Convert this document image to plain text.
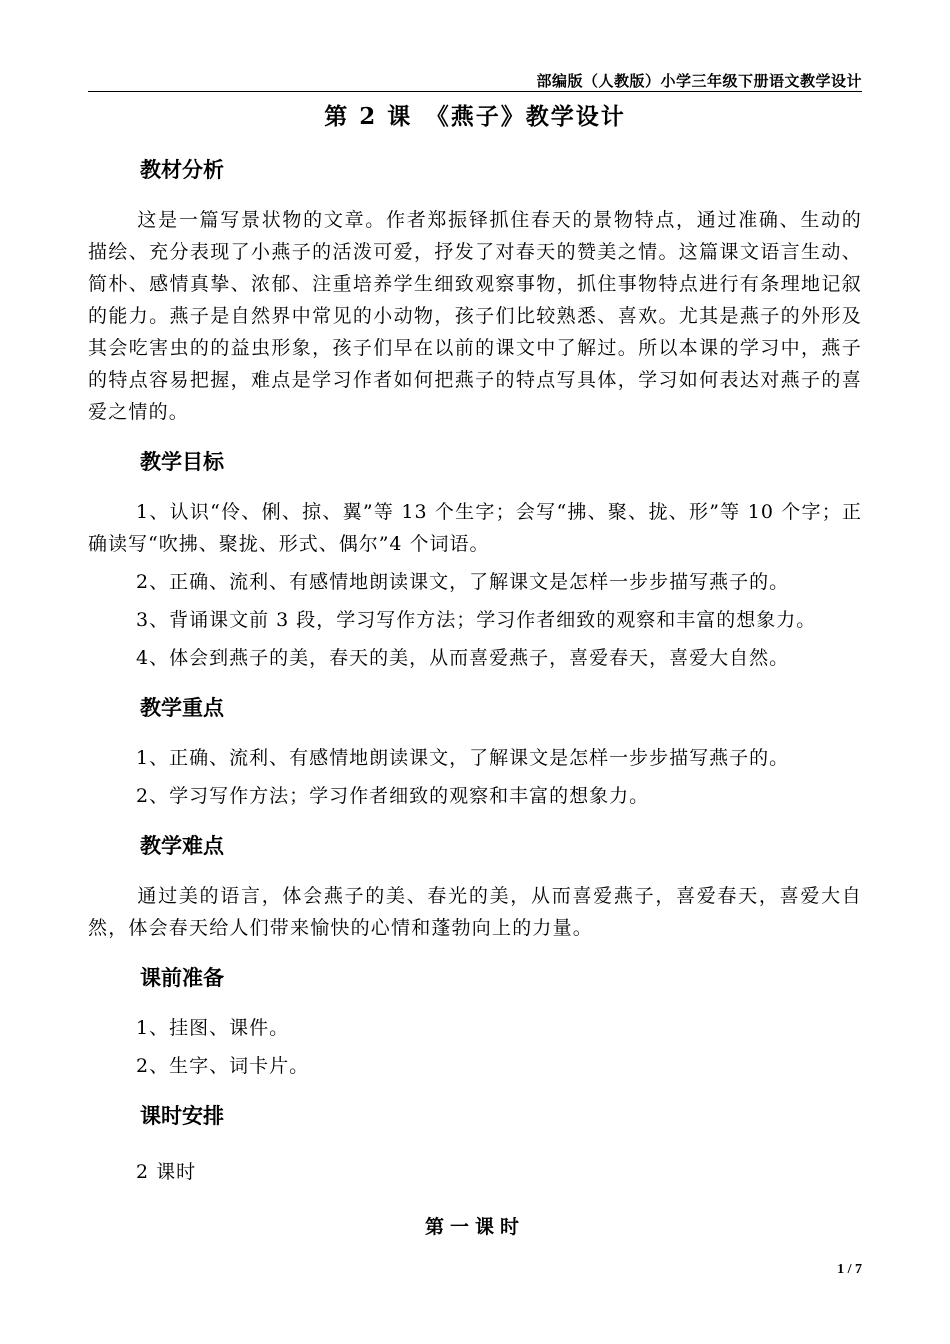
部编版（人教版）小学三年级下册语文教学设计
第 2 课　《燕子》教学设计
教材分析

这是一篇写景状物的文章。作者郑振铎抓住春天的景物特点，通过准确、生动的描绘、充分表现了小燕子的活泼可爱，抒发了对春天的赞美之情。这篇课文语言生动、简朴、感情真挚、浓郁、注重培养学生细致观察事物，抓住事物特点进行有条理地记叙的能力。燕子是自然界中常见的小动物，孩子们比较熟悉、喜欢。尤其是燕子的外形及其会吃害虫的的益虫形象，孩子们早在以前的课文中了解过。所以本课的学习中，燕子的特点容易把握，难点是学习作者如何把燕子的特点写具体，学习如何表达对燕子的喜爱之情的。

教学目标

1、认识“伶、俐、掠、翼”等 13 个生字；会写“拂、聚、拢、形”等 10 个字；正确读写“吹拂、聚拢、形式、偶尔”4 个词语。

2、正确、流利、有感情地朗读课文，了解课文是怎样一步步描写燕子的。

3、背诵课文前 3 段，学习写作方法；学习作者细致的观察和丰富的想象力。

4、体会到燕子的美，春天的美，从而喜爱燕子，喜爱春天，喜爱大自然。

教学重点

1、正确、流利、有感情地朗读课文，了解课文是怎样一步步描写燕子的。

2、学习写作方法；学习作者细致的观察和丰富的想象力。

教学难点

通过美的语言，体会燕子的美、春光的美，从而喜爱燕子，喜爱春天，喜爱大自然，体会春天给人们带来愉快的心情和蓬勃向上的力量。

课前准备

1、挂图、课件。

2、生字、词卡片。

课时安排

2 课时

第一课时
1 / 7
